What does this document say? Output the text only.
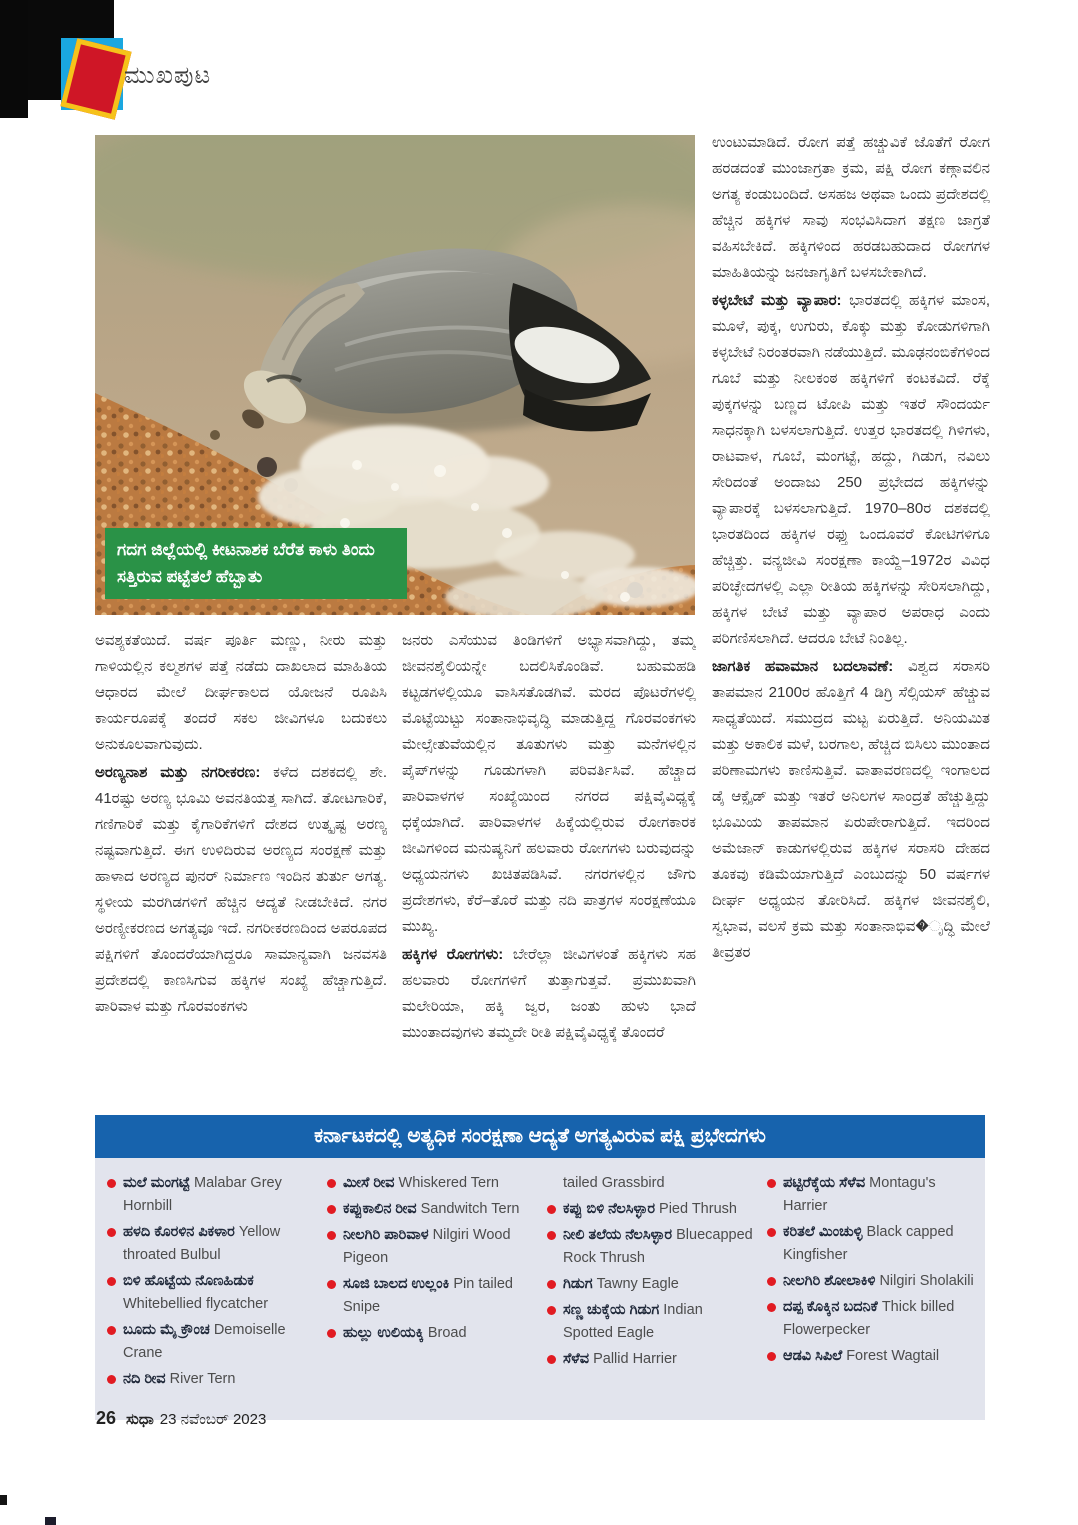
ಮುಖಪುಟ
ಗದಗ ಜಿಲ್ಲೆಯಲ್ಲಿ ಕೀಟನಾಶಕ ಬೆರೆತ ಕಾಳು ತಿಂದು ಸತ್ತಿರುವ ಪಟ್ಟೆತಲೆ ಹೆಬ್ಬಾತು

ಅವಶ್ಯಕತೆಯಿದೆ. ವರ್ಷ ಪೂರ್ತಿ ಮಣ್ಣು, ನೀರು ಮತ್ತು ಗಾಳಿಯಲ್ಲಿನ ಕಲ್ಮಶಗಳ ಪತ್ತೆ ನಡೆದು ದಾಖಲಾದ ಮಾಹಿತಿಯ ಆಧಾರದ ಮೇಲೆ ದೀರ್ಘಕಾಲದ ಯೋಜನೆ ರೂಪಿಸಿ ಕಾರ್ಯರೂಪಕ್ಕೆ ತಂದರೆ ಸಕಲ ಜೀವಿಗಳೂ ಬದುಕಲು ಅನುಕೂಲವಾಗುವುದು.

ಅರಣ್ಯನಾಶ ಮತ್ತು ನಗರೀಕರಣ: ಕಳೆದ ದಶಕದಲ್ಲಿ ಶೇ. 41ರಷ್ಟು ಅರಣ್ಯ ಭೂಮಿ ಅವನತಿಯತ್ತ ಸಾಗಿದೆ. ತೋಟಗಾರಿಕೆ, ಗಣಿಗಾರಿಕೆ ಮತ್ತು ಕೈಗಾರಿಕೆಗಳಿಗೆ ದೇಶದ ಉತ್ಕೃಷ್ಟ ಅರಣ್ಯ ನಷ್ಟವಾಗುತ್ತಿದೆ. ಈಗ ಉಳಿದಿರುವ ಅರಣ್ಯದ ಸಂರಕ್ಷಣೆ ಮತ್ತು ಹಾಳಾದ ಅರಣ್ಯದ ಪುನರ್ ನಿರ್ಮಾಣ ಇಂದಿನ ತುರ್ತು ಅಗತ್ಯ. ಸ್ಥಳೀಯ ಮರಗಿಡಗಳಿಗೆ ಹೆಚ್ಚಿನ ಆದ್ಯತೆ ನೀಡಬೇಕಿದೆ. ನಗರ ಅರಣ್ಯೀಕರಣದ ಅಗತ್ಯವೂ ಇದೆ. ನಗರೀಕರಣದಿಂದ ಅಪರೂಪದ ಪಕ್ಷಿಗಳಿಗೆ ತೊಂದರೆಯಾಗಿದ್ದರೂ ಸಾಮಾನ್ಯವಾಗಿ ಜನವಸತಿ ಪ್ರದೇಶದಲ್ಲಿ ಕಾಣಸಿಗುವ ಹಕ್ಕಿಗಳ ಸಂಖ್ಯೆ ಹೆಚ್ಚಾಗುತ್ತಿದೆ. ಪಾರಿವಾಳ ಮತ್ತು ಗೊರವಂಕಗಳು

ಜನರು ಎಸೆಯುವ ತಿಂಡಿಗಳಿಗೆ ಅಭ್ಯಾಸವಾಗಿದ್ದು, ತಮ್ಮ ಜೀವನಶೈಲಿಯನ್ನೇ ಬದಲಿಸಿಕೊಂಡಿವೆ. ಬಹುಮಹಡಿ ಕಟ್ಟಡಗಳಲ್ಲಿಯೂ ವಾಸಿಸತೊಡಗಿವೆ. ಮರದ ಪೊಟರೆಗಳಲ್ಲಿ ಮೊಟ್ಟೆಯಿಟ್ಟು ಸಂತಾನಾಭಿವೃದ್ಧಿ ಮಾಡುತ್ತಿದ್ದ ಗೊರವಂಕಗಳು ಮೇಲ್ಸೇತುವೆಯಲ್ಲಿನ ತೂತುಗಳು ಮತ್ತು ಮನೆಗಳಲ್ಲಿನ ಪೈಪ್‌ಗಳನ್ನು ಗೂಡುಗಳಾಗಿ ಪರಿವರ್ತಿಸಿವೆ. ಹೆಚ್ಚಾದ ಪಾರಿವಾಳಗಳ ಸಂಖ್ಯೆಯಿಂದ ನಗರದ ಪಕ್ಷಿವೈವಿಧ್ಯಕ್ಕೆ ಧಕ್ಕೆಯಾಗಿದೆ. ಪಾರಿವಾಳಗಳ ಹಿಕ್ಕೆಯಲ್ಲಿರುವ ರೋಗಕಾರಕ ಜೀವಿಗಳಿಂದ ಮನುಷ್ಯನಿಗೆ ಹಲವಾರು ರೋಗಗಳು ಬರುವುದನ್ನು ಅಧ್ಯಯನಗಳು ಖಚಿತಪಡಿಸಿವೆ. ನಗರಗಳಲ್ಲಿನ ಜೌಗು ಪ್ರದೇಶಗಳು, ಕೆರೆ–ತೊರೆ ಮತ್ತು ನದಿ ಪಾತ್ರಗಳ ಸಂರಕ್ಷಣೆಯೂ ಮುಖ್ಯ.

ಹಕ್ಕಿಗಳ ರೋಗಗಳು: ಬೇರೆಲ್ಲಾ ಜೀವಿಗಳಂತೆ ಹಕ್ಕಿಗಳು ಸಹ ಹಲವಾರು ರೋಗಗಳಿಗೆ ತುತ್ತಾಗುತ್ತವೆ. ಪ್ರಮುಖವಾಗಿ ಮಲೇರಿಯಾ, ಹಕ್ಕಿ ಜ್ವರ, ಜಂತು ಹುಳು ಭಾದೆ ಮುಂತಾದವುಗಳು ತಮ್ಮದೇ ರೀತಿ ಪಕ್ಷಿವೈವಿಧ್ಯಕ್ಕೆ ತೊಂದರೆ

ಉಂಟುಮಾಡಿದೆ. ರೋಗ ಪತ್ತೆ ಹಚ್ಚುವಿಕೆ ಜೊತೆಗೆ ರೋಗ ಹರಡದಂತೆ ಮುಂಜಾಗ್ರತಾ ಕ್ರಮ, ಪಕ್ಷಿ ರೋಗ ಕಣ್ಗಾವಲಿನ ಅಗತ್ಯ ಕಂಡುಬಂದಿದೆ. ಅಸಹಜ ಅಥವಾ ಒಂದು ಪ್ರದೇಶದಲ್ಲಿ ಹೆಚ್ಚಿನ ಹಕ್ಕಿಗಳ ಸಾವು ಸಂಭವಿಸಿದಾಗ ತಕ್ಷಣ ಜಾಗ್ರತೆ ವಹಿಸಬೇಕಿದೆ. ಹಕ್ಕಿಗಳಿಂದ ಹರಡಬಹುದಾದ ರೋಗಗಳ ಮಾಹಿತಿಯನ್ನು ಜನಜಾಗೃತಿಗೆ ಬಳಸಬೇಕಾಗಿದೆ.

ಕಳ್ಳಬೇಟೆ ಮತ್ತು ವ್ಯಾಪಾರ: ಭಾರತದಲ್ಲಿ ಹಕ್ಕಿಗಳ ಮಾಂಸ, ಮೂಳೆ, ಪುಕ್ಕ, ಉಗುರು, ಕೊಕ್ಕು ಮತ್ತು ಕೋಡುಗಳಿಗಾಗಿ ಕಳ್ಳಬೇಟೆ ನಿರಂತರವಾಗಿ ನಡೆಯುತ್ತಿದೆ. ಮೂಢನಂಬಿಕೆಗಳಿಂದ ಗೂಬೆ ಮತ್ತು ನೀಲಕಂಠ ಹಕ್ಕಿಗಳಿಗೆ ಕಂಟಕವಿದೆ. ರೆಕ್ಕೆ ಪುಕ್ಕಗಳನ್ನು ಬಣ್ಣದ ಟೋಪಿ ಮತ್ತು ಇತರೆ ಸೌಂದರ್ಯ ಸಾಧನಕ್ಕಾಗಿ ಬಳಸಲಾಗುತ್ತಿದೆ. ಉತ್ತರ ಭಾರತದಲ್ಲಿ ಗಿಳಿಗಳು, ರಾಟವಾಳ, ಗೂಬೆ, ಮಂಗಟ್ಟೆ, ಹದ್ದು, ಗಿಡುಗ, ನವಿಲು ಸೇರಿದಂತೆ ಅಂದಾಜು 250 ಪ್ರಭೇದದ ಹಕ್ಕಿಗಳನ್ನು ವ್ಯಾಪಾರಕ್ಕೆ ಬಳಸಲಾಗುತ್ತಿದೆ. 1970–80ರ ದಶಕದಲ್ಲಿ ಭಾರತದಿಂದ ಹಕ್ಕಿಗಳ ರಫ್ತು ಒಂದೂವರೆ ಕೋಟಿಗಳಿಗೂ ಹೆಚ್ಚಿತ್ತು. ವನ್ಯಜೀವಿ ಸಂರಕ್ಷಣಾ ಕಾಯ್ದೆ–1972ರ ವಿವಿಧ ಪರಿಚ್ಛೇದಗಳಲ್ಲಿ ಎಲ್ಲಾ ರೀತಿಯ ಹಕ್ಕಿಗಳನ್ನು ಸೇರಿಸಲಾಗಿದ್ದು, ಹಕ್ಕಿಗಳ ಬೇಟೆ ಮತ್ತು ವ್ಯಾಪಾರ ಅಪರಾಧ ಎಂದು ಪರಿಗಣಿಸಲಾಗಿದೆ. ಆದರೂ ಬೇಟೆ ನಿಂತಿಲ್ಲ.

ಜಾಗತಿಕ ಹವಾಮಾನ ಬದಲಾವಣೆ: ವಿಶ್ವದ ಸರಾಸರಿ ತಾಪಮಾನ 2100ರ ಹೊತ್ತಿಗೆ 4 ಡಿಗ್ರಿ ಸೆಲ್ಸಿಯಸ್ ಹೆಚ್ಚುವ ಸಾಧ್ಯತೆಯಿದೆ. ಸಮುದ್ರದ ಮಟ್ಟ ಏರುತ್ತಿದೆ. ಅನಿಯಮಿತ ಮತ್ತು ಅಕಾಲಿಕ ಮಳೆ, ಬರಗಾಲ, ಹೆಚ್ಚಿದ ಬಿಸಿಲು ಮುಂತಾದ ಪರಿಣಾಮಗಳು ಕಾಣಿಸುತ್ತಿವೆ. ವಾತಾವರಣದಲ್ಲಿ ಇಂಗಾಲದ ಡೈ ಆಕ್ಸೈಡ್ ಮತ್ತು ಇತರೆ ಅನಿಲಗಳ ಸಾಂದ್ರತೆ ಹೆಚ್ಚುತ್ತಿದ್ದು ಭೂಮಿಯ ತಾಪಮಾನ ಏರುಪೇರಾಗುತ್ತಿದೆ. ಇದರಿಂದ ಅಮೆಜಾನ್ ಕಾಡುಗಳಲ್ಲಿರುವ ಹಕ್ಕಿಗಳ ಸರಾಸರಿ ದೇಹದ ತೂಕವು ಕಡಿಮೆಯಾಗುತ್ತಿದೆ ಎಂಬುದನ್ನು 50 ವರ್ಷಗಳ ದೀರ್ಘ ಅಧ್ಯಯನ ತೋರಿಸಿದೆ. ಹಕ್ಕಿಗಳ ಜೀವನಶೈಲಿ, ಸ್ವಭಾವ, ವಲಸೆ ಕ್ರಮ ಮತ್ತು ಸಂತಾನಾಭಿವ�ೃದ್ಧಿ ಮೇಲೆ ತೀವ್ರತರ

ಕರ್ನಾಟಕದಲ್ಲಿ ಅತ್ಯಧಿಕ ಸಂರಕ್ಷಣಾ ಆದ್ಯತೆ ಅಗತ್ಯವಿರುವ ಪಕ್ಷಿ ಪ್ರಭೇದಗಳು
ಮಲೆ ಮಂಗಟ್ಟೆ Malabar Grey Hornbill
ಹಳದಿ ಕೊರಳಿನ ಪಿಕಳಾರ Yellow throated Bulbul
ಬಿಳಿ ಹೊಟ್ಟೆಯ ನೊಣಹಿಡುಕ Whitebellied flycatcher
ಬೂದು ಮೈ ಕ್ರೌಂಚ Demoiselle Crane
ನದಿ ರೀವ River Tern
ಮೀಸೆ ರೀವ Whiskered Tern
ಕಪ್ಪುಕಾಲಿನ ರೀವ Sandwitch Tern
ನೀಲಗಿರಿ ಪಾರಿವಾಳ Nilgiri Wood Pigeon
ಸೂಜಿ ಬಾಲದ ಉಲ್ಲಂಕಿ Pin tailed Snipe
ಹುಲ್ಲು ಉಲಿಯಕ್ಕಿ Broad
tailed Grassbird
ಕಪ್ಪು ಬಿಳಿ ನೆಲಸಿಳ್ಳಾರ Pied Thrush
ನೀಲಿ ತಲೆಯ ನೆಲಸಿಳ್ಳಾರ Bluecapped Rock Thrush
ಗಿಡುಗ Tawny Eagle
ಸಣ್ಣ ಚುಕ್ಕೆಯ ಗಿಡುಗ Indian Spotted Eagle
ಸೆಳೆವ Pallid Harrier
ಪಟ್ಟಿರೆಕ್ಕೆಯ ಸೆಳೆವ Montagu's Harrier
ಕರಿತಲೆ ಮಿಂಚುಳ್ಳಿ Black capped Kingfisher
ನೀಲಗಿರಿ ಶೋಲಾಕಿಳಿ Nilgiri Sholakili
ದಪ್ಪ ಕೊಕ್ಕಿನ ಬದನಿಕೆ Thick billed Flowerpecker
ಆಡವಿ ಸಿಪಿಲೆ Forest Wagtail
26 ಸುಧಾ 23 ನವೆಂಬರ್ 2023
